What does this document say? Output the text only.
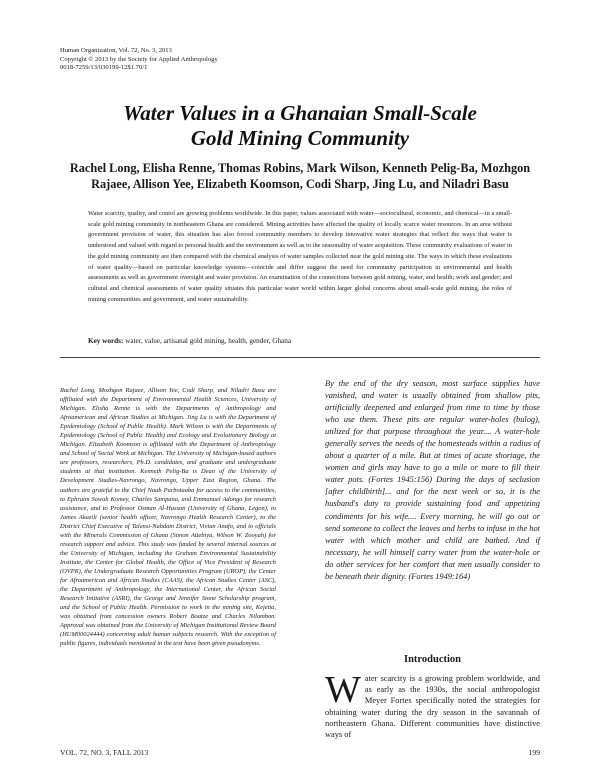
Human Organization, Vol. 72, No. 3, 2013
Copyright © 2013 by the Society for Applied Anthropology
0018-7259/13/030199-12$1.70/1
Water Values in a Ghanaian Small-Scale
Gold Mining Community
Rachel Long, Elisha Renne, Thomas Robins, Mark Wilson, Kenneth Pelig-Ba, Mozhgon
Rajaee, Allison Yee, Elizabeth Koomson, Codi Sharp, Jing Lu, and Niladri Basu
Water scarcity, quality, and contol are growing problems worldwide. In this paper, values associated with water—sociocultural, economic, and chemical—in a small-scale gold mining community in northeastern Ghana are considered. Mining activities have affected the quality of locally scarce water resources. In an area without government provision of water, this situation has also forced community members to develop innovative water strategies that reflect the ways that water is understood and valued with regard to personal health and the environment as well as to the seasonality of water acquisition. These community evaluations of water in the gold mining community are then compared with the chemical analysis of water samples collected near the gold mining site. The ways in which these evaluations of water quality—based on particular knowledge systems—coincide and differ suggest the need for community participation in environmental and health assessments as well as government oversight and water provision. An examination of the connections between gold mining, water, and health; work and gender; and cultural and chemical assessments of water quality situates this particular water world within larger global concerns about small-scale gold mining, the roles of mining communities and government, and water sustainability.
Key words: water, value, artisanal gold mining, health, gender, Ghana
Rachel Long, Mozhgon Rajaee, Allison Yee, Codi Sharp, and Niladri Basu are affiliated with the Department of Environmental Health Sciences, University of Michigan. Elisha Renne is with the Departments of Anthropology and Afroamerican and African Studies at Michigan. Jing Lu is with the Department of Epidemiology (School of Public Health). Mark Wilson is with the Departments of Epidemiology (School of Public Health) and Ecology and Evolutionary Biology at Michigan. Elizabeth Koomson is affiliated with the Department of Anthropology and School of Social Work at Michigan. The University of Michigan-based authors are professors, researchers, Ph.D. candidates, and graduate and undergraduate students at that institution. Kenneth Pelig-Ba is Dean of the University of Development Studies-Navrongo, Navrongo, Upper East Region, Ghana. The authors are grateful to the Chief Naab Purbotaaba for access to the communities, to Ephraim Sowah Komey, Charles Sampana, and Emmanuel Adongo for research assistance, and to Professor Osman Al-Hassan (University of Ghana, Legon), to James Akazili (senior health officer, Navrongo Health Research Center), to the District Chief Executive of Talensi-Nabdam District, Vivian Anafo, and to officials with the Minerals Commission of Ghana (Simon Attebiya, Wilson W. Zooyah) for research support and advice. This study was funded by several internal sources at the University of Michigan, including the Graham Environmental Sustainability Institute, the Center for Global Health, the Office of Vice President of Research (OVPR), the Undergraduate Research Opportunities Program (UROP), the Center for Afroamerican and African Studies (CAAS), the African Studies Center (ASC), the Department of Anthropology, the International Center, the African Social Research Initiative (ASRI), the George and Jennifer Stone Scholarship program, and the School of Public Health. Permission to work in the mining site, Kejetia, was obtained from concession owners Robert Boatze and Charles Nilambon. Approval was obtained from the University of Michigan Institutional Review Board (HUM00024444) concerning adult human subjects research. With the exception of public figures, individuals mentioned in the text have been given pseudonyms.
By the end of the dry season, most surface supplies have vanished, and water is usually obtained from shallow pits, artificially deepened and enlarged from time to time by those who use them. These pits are regular water-holes (bulog), utilized for that purpose throughout the year.... A water-hole generally serves the needs of the homesteads within a radius of about a quarter of a mile. But at times of acute shortage, the women and girls may have to go a mile or more to fill their water pots. (Fortes 1945:156) During the days of seclusion [after childbirth]... and for the next week or so, it is the husband's duty to provide sustaining food and appetizing condiments for his wife.... Every morning, he will go out or send someone to collect the leaves and herbs to infuse in the hot water with which mother and child are bathed. And if necessary, he will himself carry water from the water-hole or do other services for her comfort that men usually consider to be beneath their dignity. (Fortes 1949:164)
Introduction
W ater scarcity is a growing problem worldwide, and as early as the 1930s, the social anthropologist Meyer Fortes specifically noted the strategies for obtaining water during the dry season in the savannah of northeastern Ghana. Different communities have distinctive ways of

VOL. 72, NO. 3, FALL 2013	199
